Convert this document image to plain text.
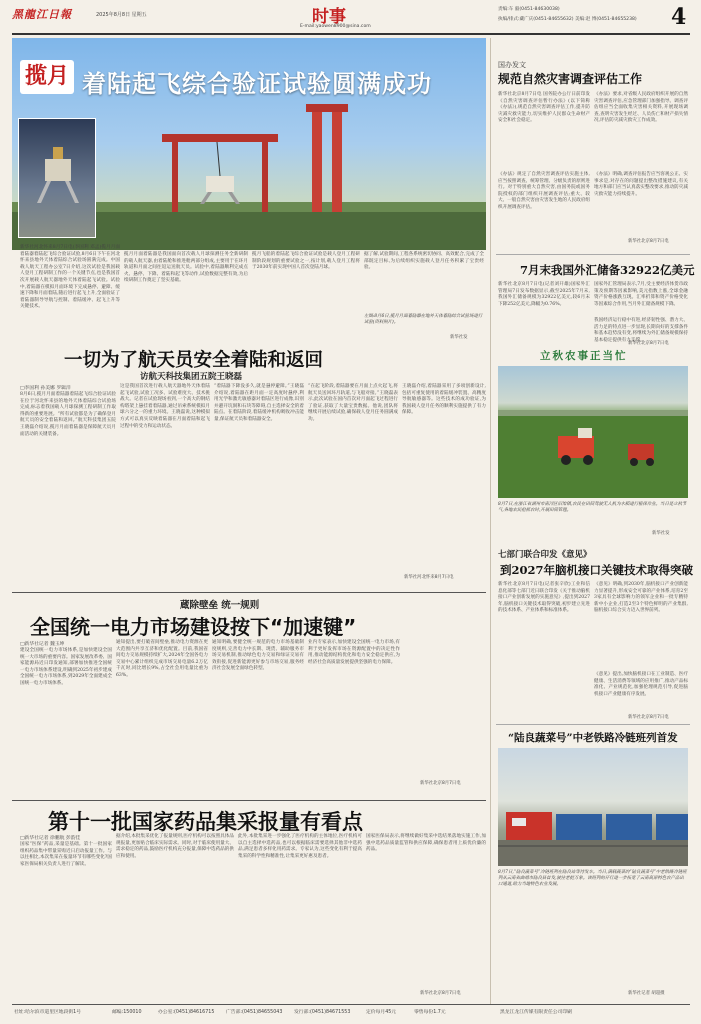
黑龍江日報	2025年8月8日 星期五	时事
E-mail:yaowen8900@sina.com
责编:车 毅(0451-84630038)
执编/排式:藏广庆(0451-84655632) 美编:赵 博(0451-84655238) 4
揽月 着陆起飞综合验证试验圆满成功
新华社河北怀来8月7日电(李国利 邓孟)揽月月面着陆器着陆起飞综合验证试验,8月6日下午在河北怀来县地外天体着陆综合试验场圆满完成。中国载人航天工程办公室7日介绍,这次试验是我国载人登月工程研制工作的一个关键节点,也是我国首次开展载人航天器地外天体着陆起飞试验。试验中,着陆器在模拟月面环境下完成悬停、避障、缓速下降和月面着陆,随后进行起飞上升,全面验证了着陆器制导导航与控制、着陆缓冲、起飞上升等关键技术。
揽月月面着陆器是我国面向首次载人月球探测任务全新研制的载人航天器,由着陆舱和推进舱两部分组成,主要用于在环月轨道和月面之间往返运送航天员。试验中,着陆器顺利完成点火、悬停、下降、着陆和起飞等动作,试验数据完整有效,为后续研制工作奠定了坚实基础。
揽月飞船的着陆起飞综合验证试验是载人登月工程研制阶段规划的重要试验之一,按计划,载人登月工程将于2030年前实现中国人首次登陆月球。
据了解,试验期间,工程各系统密切协同、高效配合,完成了全部既定目标,为后续组织实施载人登月任务积累了宝贵经验。
左图:8月6日,揽月月面着陆器在地外天体着陆综合试验场进行试验(资料照片)。
新华社发
一切为了航天员安全着陆和返回
访航天科技集团五院王晓磊
□李国利 孙美娜 罗辑洋
8月6日,揽月月面着陆器着陆起飞综合验证试验在位于河北怀来县的地外天体着陆综合试验场完成,标志着我国载人月球探测工程研制工作取得新的重要进展。“所有试验都是为了确保登月航天员的安全着陆和返回。”航天科技集团五院王晓磊介绍说,揽月月面着陆器是保障航天员月面活动的关键装备。
这是我国首次进行载人航天器地外天体着陆起飞试验,试验工况多、试验难度大、技术挑战大。记者在试验现场看到,一个高大的钢结构塔架上悬挂着着陆器,通过吊索系统模拟月球六分之一的重力环境。王晓磊说,这种模拟方式可以真实反映着陆器在月面着陆和起飞过程中的受力和运动状态。
“着陆器下降没多久,就是悬停避障。”王晓磊介绍说,着陆器在距月面一定高度时悬停,利用光学和激光敏感器对着陆区进行成像,识别并避开坑洞和石块等障碍,自主选择安全的着陆点。在着陆阶段,着陆缓冲机构吸收冲击能量,保证航天员和着陆器安全。
“在起飞阶段,着陆器要在月面上点火起飞,将航天员送回环月轨道,与飞船对接。”王晓磊表示,此次试验在国内首次对月面起飞过程进行了验证,获取了大量宝贵数据。他说,团队将继续开展后续试验,确保载人登月任务圆满成功。
王晓磊介绍,着陆器采用了多项创新设计,包括可重复使用的着陆缓冲装置、高精度导航敏感器等。这些技术的成功验证,为我国载人登月任务的顺利实施提供了有力保障。
新华社河北怀来8月7日电
蔵除壁垒 统一规则
全国统一电力市场建设按下“加速键”
□新华社记者 魏玉坤
建设全国统一电力市场体系,是加快建设全国统一大市场的重要内容。国家发展改革委、国家能源局近日印发通知,部署加快推进全国统一电力市场体系建设,明确到2025年初步建成全国统一电力市场体系,到2029年全面建成全国统一电力市场体系。
通知提出,要打破省间壁垒,推动电力资源在更大范围内共享互济和优化配置。目前,我国省间电力交易规模持续扩大,2024年全国各电力交易中心累计组织完成市场交易电量6.2万亿千瓦时,同比增长9%,占全社会用电量比重为63%。
通知明确,要健全统一规范的电力市场基础制度规则,完善电力中长期、现货、辅助服务市场交易机制,推动绿色电力交易和绿证交易有效衔接,促进新能源更好参与市场交易,服务经济社会发展全面绿色转型。
业内专家表示,加快建设全国统一电力市场,有利于更好发挥市场在资源配置中的决定性作用,推动能源结构优化和电力安全稳定供应,为经济社会高质量发展提供坚强的电力保障。
新华社北京8月7日电
第十一批国家药品集采报量有看点
□新华社记者 徐鹏航 彭韵佳
国家“医保”药品,采量是基础。第十一批国家组织药品集中带量采购近日启动报量工作。与以往相比,本次集采在报量环节有哪些变化?国家医保局相关负责人进行了解读。
据介绍,本批集采优化了报量规则,医疗机构可以按照具体品规报量,更加贴合临床实际需求。同时,对于临床使用量大、需求稳定的药品,鼓励医疗机构充分报量,保障中选药品的供应和使用。
此外,本批集采进一步强化了医疗机构的主体地位,医疗机构可以自主选择中选药品,也可以根据临床需要选择其他非中选药品,满足患者多样化用药需求。专家认为,这些变化有利于提高集采的科学性和精准性,让集采更好惠及患者。
国家医保局表示,将继续做好集采中选结果落地实施工作,加强中选药品质量监管和供应保障,确保患者用上质优价廉的药品。
新华社北京8月7日电
国办发文
规范自然灾害调查评估工作
新华社北京8月7日电 国务院办公厅日前印发《自然灾害调查评估暂行办法》(以下简称《办法》),规范自然灾害调查评估工作,提升防灾减灾救灾能力,切实维护人民群众生命财产安全和社会稳定。
《办法》规定了自然灾害调查评估实施主体,应当按照调查、统筹管理、分级负责的原则进行。对于特别重大自然灾害,由国务院或国务院授权的部门组织开展调查评估;重大、较大、一般自然灾害由灾害发生地的人民政府组织开展调查评估。
《办法》要求,对省级人民政府组织开展的自然灾害调查评估,应急管理部门加强指导。调查评估组应当全面收集灾害相关资料,开展现场调查,查明灾害发生经过、人员伤亡和财产损失情况,评估防灾减灾救灾工作成效。
《办法》明确,调查评估报告应当客观公正、实事求是,对存在的问题提出整改措施建议,有关地方和部门应当认真落实整改要求,推动防灾减灾救灾能力持续提升。
新华社北京8月7日电
7月末我国外汇储备32922亿美元
新华社北京8月7日电(记者刘开雄)国家外汇管理局7日发布数据显示,截至2025年7月末,我国外汇储备规模为32922亿美元,较6月末下降252亿美元,降幅为0.76%。
国家外汇管理局表示,7月,受主要经济体货币政策及预期等因素影响,美元指数上涨,全球金融资产价格涨跌互现。汇率折算和资产价格变化等因素综合作用,当月外汇储备规模下降。
我国经济运行稳中有进,经济韧性强、潜力大、活力足的特点进一步显现,长期向好的支撑条件和基本趋势没有变,将继续为外汇储备规模保持基本稳定提供有力支撑。
新华社北京8月7日电
立秋农事正当忙
8月7日,在浙江省湖州市南浔区旧馆镇,农民在田间驾驶无人机为水稻进行植保作业。当日是立秋节气,各地农民抢抓农时,开展田间管理。
新华社发
七部门联合印发《意见》
到2027年脑机接口关键技术取得突破
新华社北京8月7日电(记者张辛欣)工业和信息化部等七部门近日联合印发《关于推动脑机接口产业创新发展的实施意见》,提出到2027年,脑机接口关键技术取得突破,初步建立先进的技术体系、产业体系和标准体系。
《意见》明确,到2030年,脑机接口产业创新能力显著提升,形成安全可靠的产业体系,培育2至3家具有全球影响力的领军企业和一批专精特新中小企业,打造2至3个特色鲜明的产业集群,脑机接口综合实力迈入世界前列。
《意见》提出,加快脑机接口在工业制造、医疗健康、生活消费等领域的应用推广,推动产品标准化、产业规范化,加强伦理规范引导,促进脑机接口产业健康有序发展。
新华社北京8月7日电
“陆良蔬菜号”中老铁路冷链班列首发
8月7日,“陆良蔬菜号”冷链班列在陆良站等待发车。当日,满载蔬菜的“陆良蔬菜号”中老铁路冷链班列从云南省曲靖市陆良县首发,驶往老挝万象。该班列的开行进一步拓宽了云南高原特色农产品出口通道,助力当地特色农业发展。
新华社记者 胡超摄
社址:哈尔滨市道里区地段街1号	邮编:150010	办公室:(0451)84616715 广告部:(0451)84655043 发行部:(0451)84671553	定价每月45元	零售每份1.7元	黑龙江龙江传媒有限责任公司印刷
